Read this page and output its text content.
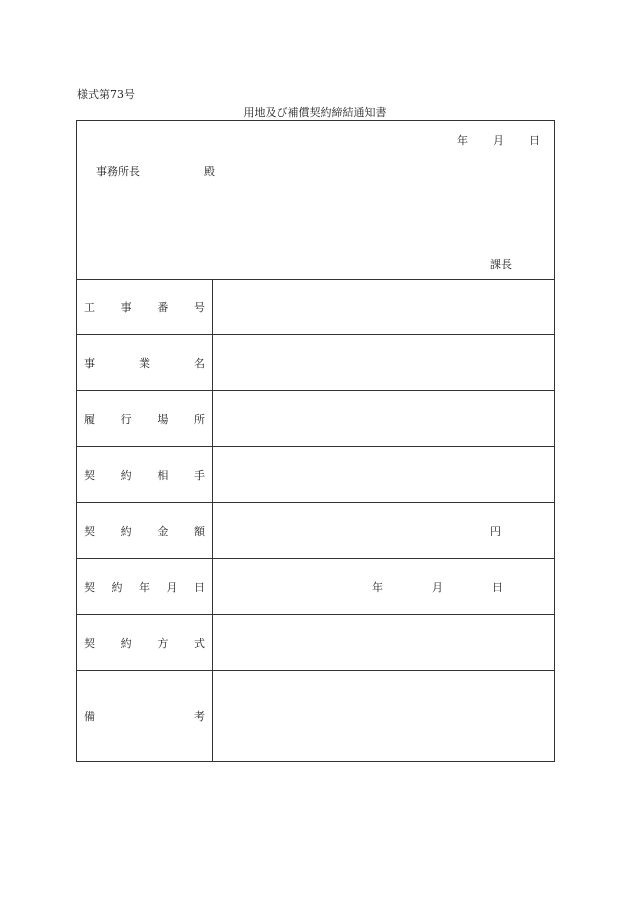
様式第73号
用地及び補償契約締結通知書
年 月 日
事務所長	殿
課長
工 事 番 号
事	業	名
履 行 場 所
契 約 相 手
契 約 金 額	円
契 約 年 月 日	年	月	日
契 約 方 式
備	考
